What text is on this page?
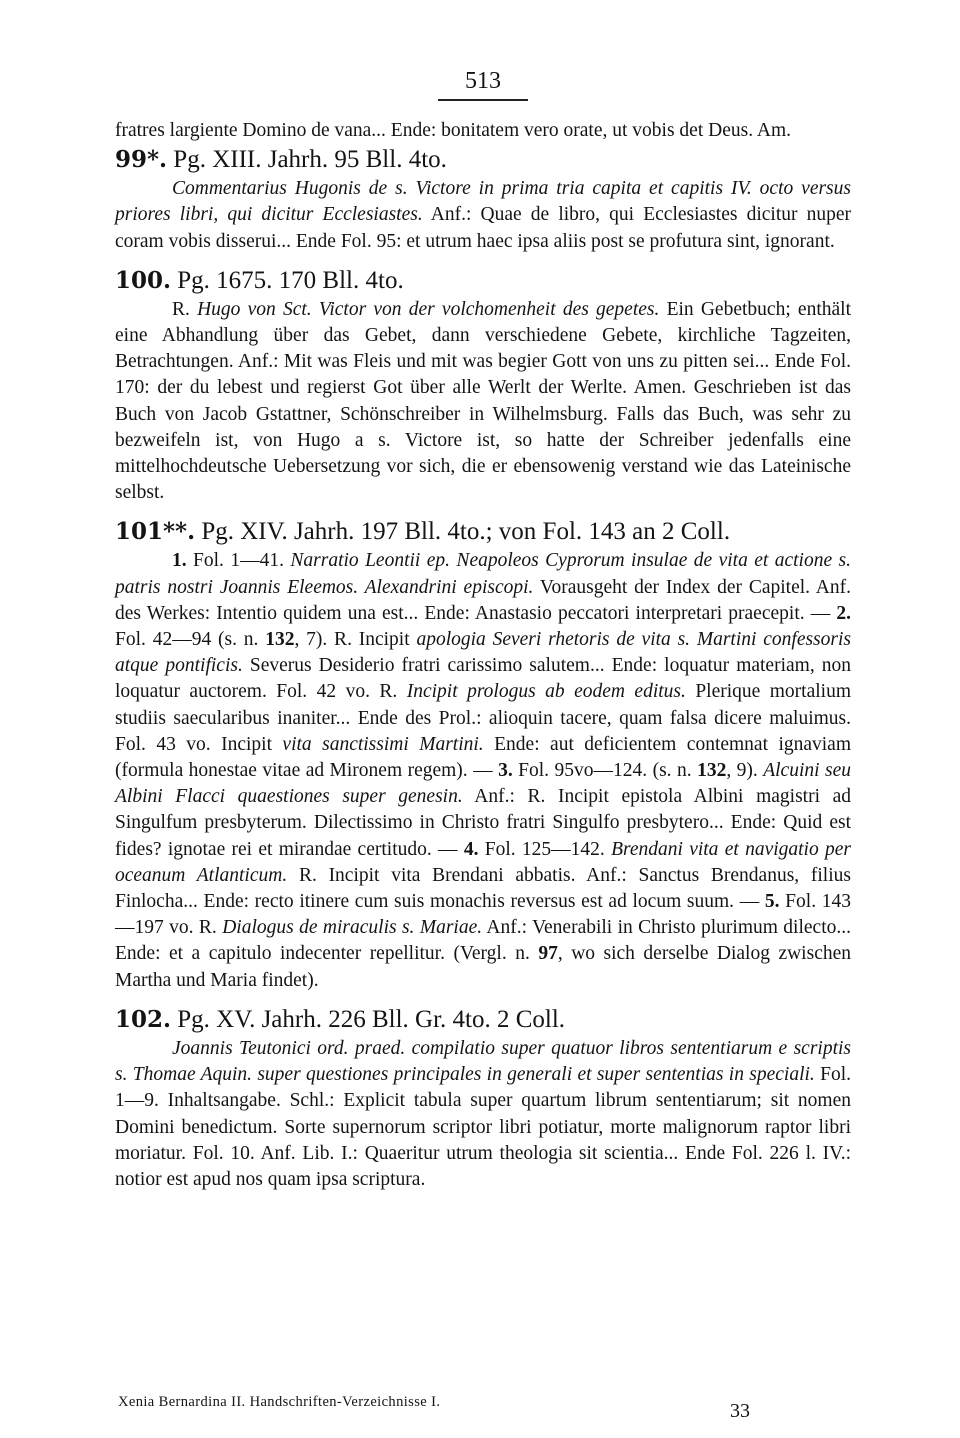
513

fratres largiente Domino de vana... Ende: bonitatem vero orate, ut vobis det Deus. Am.

99*. Pg. XIII. Jahrh. 95 Bll. 4to.

Commentarius Hugonis de s. Victore in prima tria capita et capitis IV. octo versus priores libri, qui dicitur Ecclesiastes. Anf.: Quae de libro, qui Ecclesiastes dicitur nuper coram vobis disserui... Ende Fol. 95: et utrum haec ipsa aliis post se profutura sint, ignorant.

100. Pg. 1675. 170 Bll. 4to.

R. Hugo von Sct. Victor von der volchomenheit des gepetes. Ein Gebetbuch; enthält eine Abhandlung über das Gebet, dann verschiedene Gebete, kirchliche Tagzeiten, Betrachtungen. Anf.: Mit was Fleis und mit was begier Gott von uns zu pitten sei... Ende Fol. 170: der du lebest und regierst Got über alle Werlt der Werlte. Amen. Geschrieben ist das Buch von Jacob Gstattner, Schönschreiber in Wilhelmsburg. Falls das Buch, was sehr zu bezweifeln ist, von Hugo a s. Victore ist, so hatte der Schreiber jedenfalls eine mittelhochdeutsche Uebersetzung vor sich, die er ebensowenig verstand wie das Lateinische selbst.

101**. Pg. XIV. Jahrh. 197 Bll. 4to.; von Fol. 143 an 2 Coll.

1. Fol. 1—41. Narratio Leontii ep. Neapoleos Cyprorum insulae de vita et actione s. patris nostri Joannis Eleemos. Alexandrini episcopi. Vorausgeht der Index der Capitel. Anf. des Werkes: Intentio quidem una est... Ende: Anastasio peccatori interpretari praecepit. — 2. Fol. 42—94 (s. n. 132, 7). R. Incipit apologia Severi rhetoris de vita s. Martini confessoris atque pontificis. Severus Desiderio fratri carissimo salutem... Ende: loquatur materiam, non loquatur auctorem. Fol. 42 vo. R. Incipit prologus ab eodem editus. Plerique mortalium studiis saecularibus inaniter... Ende des Prol.: alioquin tacere, quam falsa dicere maluimus. Fol. 43 vo. Incipit vita sanctissimi Martini. Ende: aut deficientem contemnat ignaviam (formula honestae vitae ad Mironem regem). — 3. Fol. 95vo—124. (s. n. 132, 9). Alcuini seu Albini Flacci quaestiones super genesin. Anf.: R. Incipit epistola Albini magistri ad Singulfum presbyterum. Dilectissimo in Christo fratri Singulfo presbytero... Ende: Quid est fides? ignotae rei et mirandae certitudo. — 4. Fol. 125—142. Brendani vita et navigatio per oceanum Atlanticum. R. Incipit vita Brendani abbatis. Anf.: Sanctus Brendanus, filius Finlocha... Ende: recto itinere cum suis monachis reversus est ad locum suum. — 5. Fol. 143—197 vo. R. Dialogus de miraculis s. Mariae. Anf.: Venerabili in Christo plurimum dilecto... Ende: et a capitulo indecenter repellitur. (Vergl. n. 97, wo sich derselbe Dialog zwischen Martha und Maria findet).

102. Pg. XV. Jahrh. 226 Bll. Gr. 4to. 2 Coll.

Joannis Teutonici ord. praed. compilatio super quatuor libros sententiarum e scriptis s. Thomae Aquin. super questiones principales in generali et super sententias in speciali. Fol. 1—9. Inhaltsangabe. Schl.: Explicit tabula super quartum librum sententiarum; sit nomen Domini benedictum. Sorte supernorum scriptor libri potiatur, morte malignorum raptor libri moriatur. Fol. 10. Anf. Lib. I.: Quaeritur utrum theologia sit scientia... Ende Fol. 226 l. IV.: notior est apud nos quam ipsa scriptura.

Xenia Bernardina II. Handschriften-Verzeichnisse I.	33
